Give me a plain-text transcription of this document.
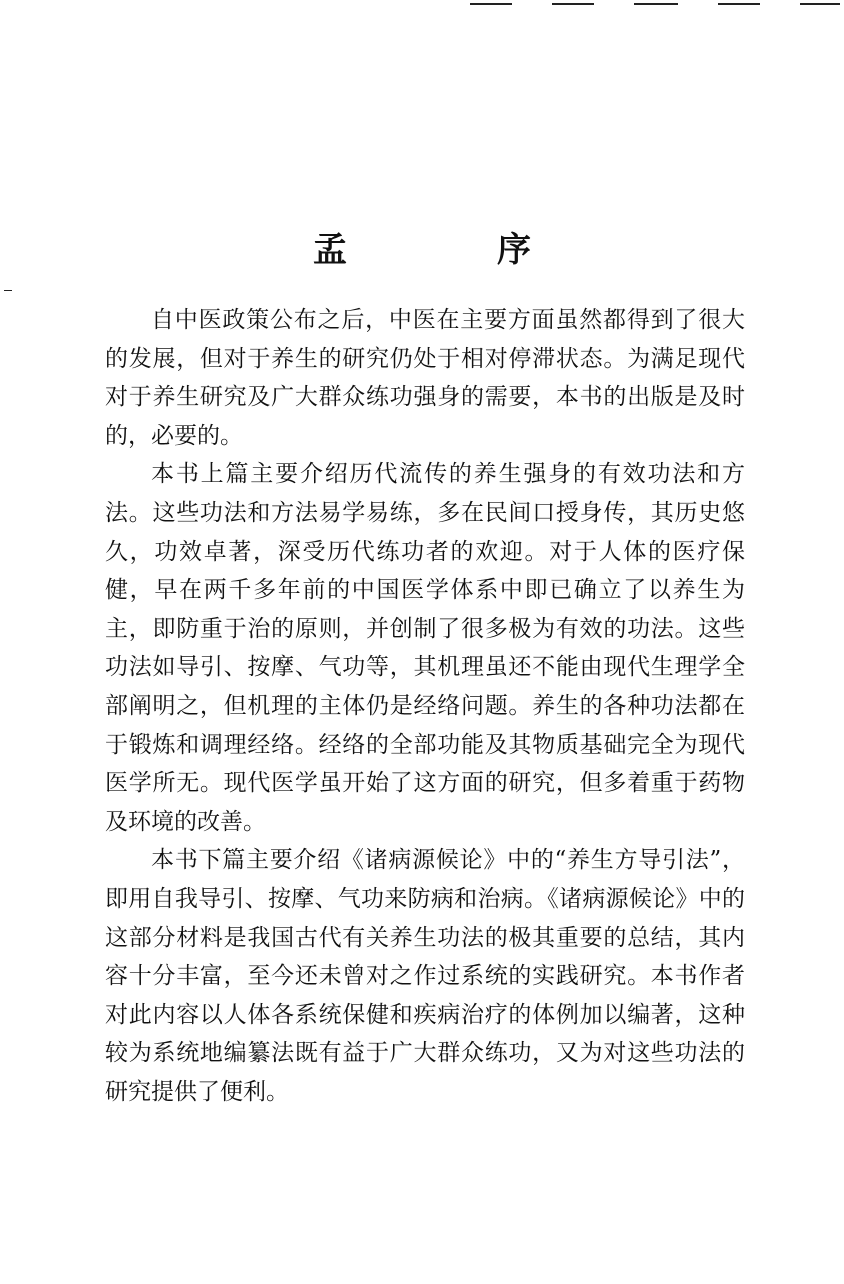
孟　序

自中医政策公布之后，中医在主要方面虽然都得到了很大的发展，但对于养生的研究仍处于相对停滞状态。为满足现代对于养生研究及广大群众练功强身的需要，本书的出版是及时的，必要的。

本书上篇主要介绍历代流传的养生强身的有效功法和方法。这些功法和方法易学易练，多在民间口授身传，其历史悠久，功效卓著，深受历代练功者的欢迎。对于人体的医疗保健，早在两千多年前的中国医学体系中即已确立了以养生为主，即防重于治的原则，并创制了很多极为有效的功法。这些功法如导引、按摩、气功等，其机理虽还不能由现代生理学全部阐明之，但机理的主体仍是经络问题。养生的各种功法都在于锻炼和调理经络。经络的全部功能及其物质基础完全为现代医学所无。现代医学虽开始了这方面的研究，但多着重于药物及环境的改善。

本书下篇主要介绍《诸病源候论》中的“养生方导引法”，即用自我导引、按摩、气功来防病和治病。《诸病源候论》中的这部分材料是我国古代有关养生功法的极其重要的总结，其内容十分丰富，至今还未曾对之作过系统的实践研究。本书作者对此内容以人体各系统保健和疾病治疗的体例加以编著，这种较为系统地编纂法既有益于广大群众练功，又为对这些功法的研究提供了便利。
